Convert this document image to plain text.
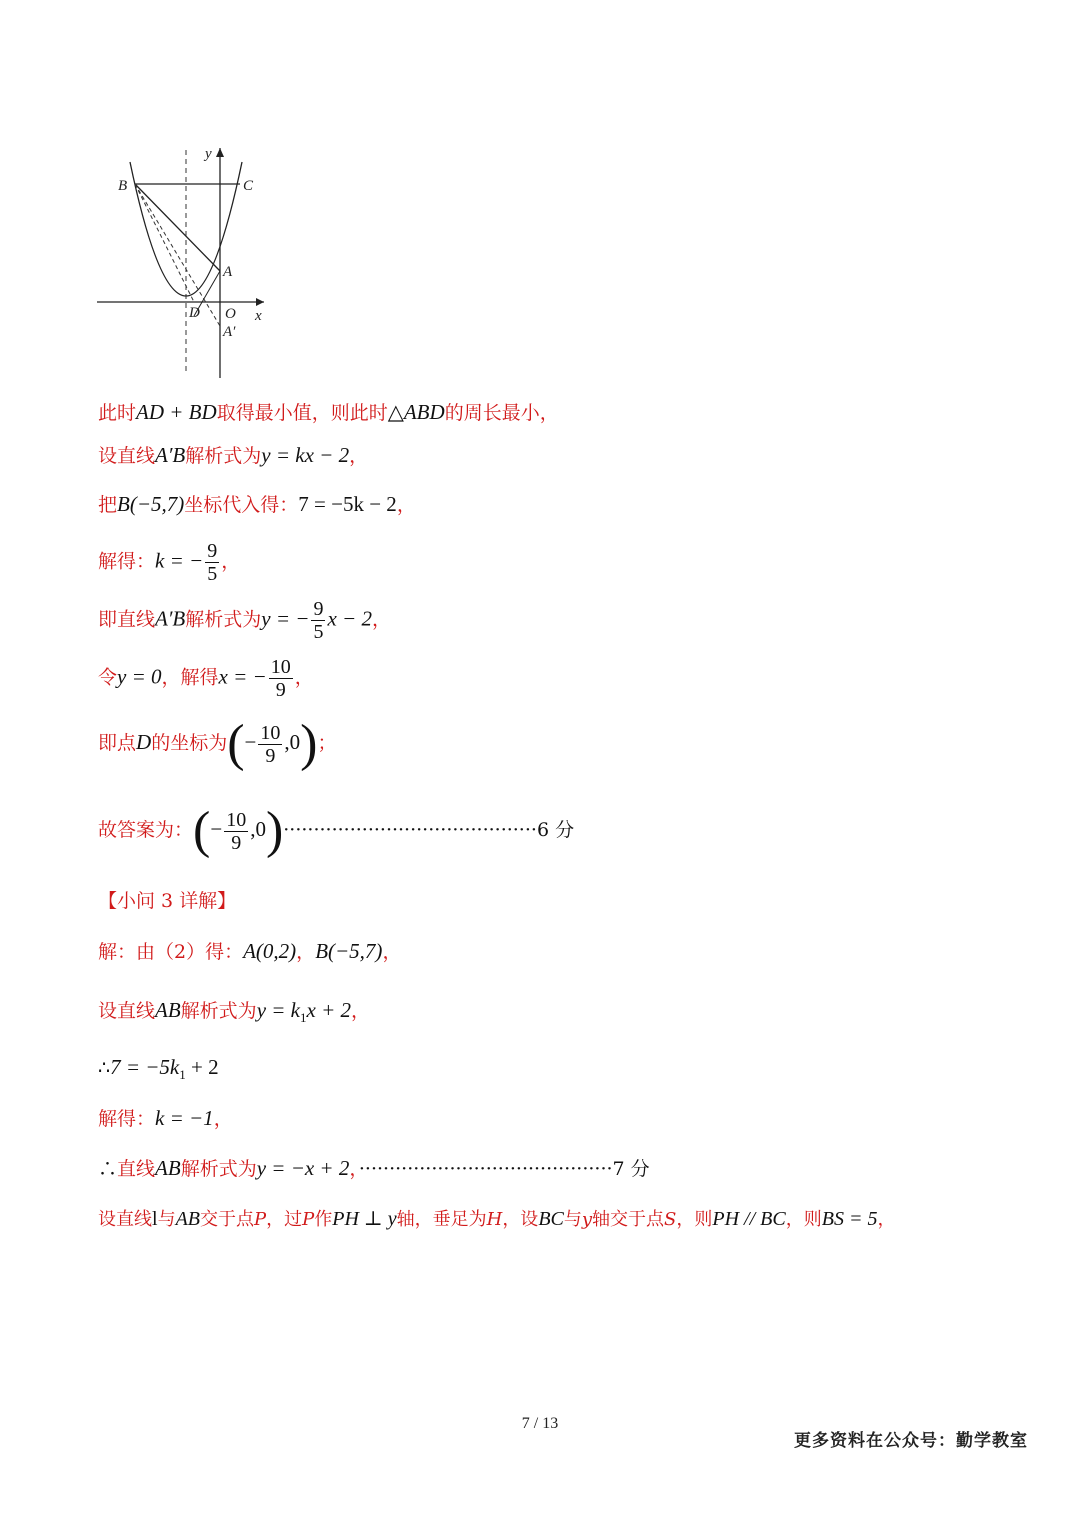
y
x
B	C
A
O
D
A′
此时AD + BD取得最小值，则此时△ABD的周长最小，
设直线A′B解析式为y = kx − 2，
把B(−5,7)坐标代入得：7 = −5k − 2，
解得：k = − $\frac{9}{5}$ ，
即直线A′B解析式为y = − $\frac{9}{5}$ x − 2，
令y = 0，解得x = − $\frac{10}{9}$ ，
即点D的坐标为(− $\frac{10}{9} ,0$)；
故答案为：(− $\frac{10}{9} ,0)\cdot\cdot\cdot\cdot\cdot\cdot\cdot\cdot\cdot\cdot\cdot\cdot\cdot\cdot\cdot\cdot\cdot\cdot\cdot\cdot\cdot\cdot\cdot\cdot\cdot\cdot\cdot\cdot\cdot\cdot\cdot\cdot\cdot\cdot\cdot\cdot\cdot\cdot\cdot\cdot\cdot\cdot 6$ 分
【小问 3 详解】
解：由（2）得：A(0,2)，B(−5,7)，
设直线AB解析式为$y = k_1x + 2$，
∴7 = $-5k_1 + 2$
解得：k = −1，
∴直线AB解析式为y = −x + 2，··········································7 分
设直线l与AB交于点P，过P作PH ⊥ y轴，垂足为H，设BC与y轴交于点S，则PH // BC，则BS = 5，
7 / 13
更多资料在公众号：勤学教室
